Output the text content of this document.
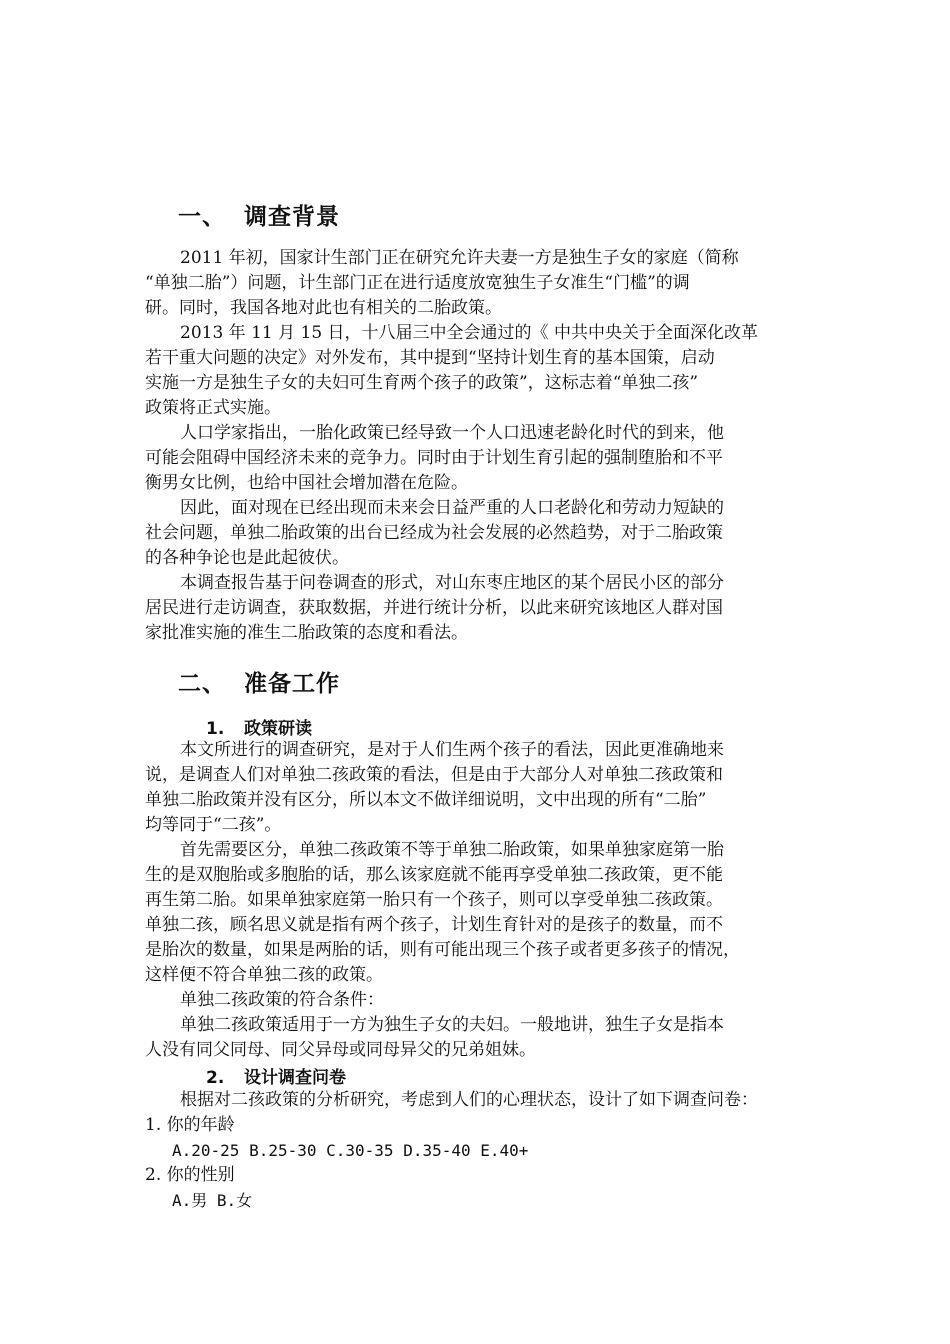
一、 调查背景
2011 年初，国家计生部门正在研究允许夫妻一方是独生子女的家庭（简称
“单独二胎”）问题，计生部门正在进行适度放宽独生子女准生“门槛”的调
研。同时，我国各地对此也有相关的二胎政策。
2013 年 11 月 15 日，十八届三中全会通过的《 中共中央关于全面深化改革
若干重大问题的决定》对外发布，其中提到“坚持计划生育的基本国策，启动
实施一方是独生子女的夫妇可生育两个孩子的政策”，这标志着“单独二孩”
政策将正式实施。
人口学家指出，一胎化政策已经导致一个人口迅速老龄化时代的到来，他
可能会阻碍中国经济未来的竞争力。同时由于计划生育引起的强制堕胎和不平
衡男女比例，也给中国社会增加潜在危险。
因此，面对现在已经出现而未来会日益严重的人口老龄化和劳动力短缺的
社会问题，单独二胎政策的出台已经成为社会发展的必然趋势，对于二胎政策
的各种争论也是此起彼伏。
本调查报告基于问卷调查的形式，对山东枣庄地区的某个居民小区的部分
居民进行走访调查，获取数据，并进行统计分析，以此来研究该地区人群对国
家批准实施的准生二胎政策的态度和看法。
二、 准备工作
1. 政策研读
本文所进行的调查研究，是对于人们生两个孩子的看法，因此更准确地来
说，是调查人们对单独二孩政策的看法，但是由于大部分人对单独二孩政策和
单独二胎政策并没有区分，所以本文不做详细说明，文中出现的所有“二胎”
均等同于“二孩”。
首先需要区分，单独二孩政策不等于单独二胎政策，如果单独家庭第一胎
生的是双胞胎或多胞胎的话，那么该家庭就不能再享受单独二孩政策，更不能
再生第二胎。如果单独家庭第一胎只有一个孩子，则可以享受单独二孩政策。
单独二孩，顾名思义就是指有两个孩子，计划生育针对的是孩子的数量，而不
是胎次的数量，如果是两胎的话，则有可能出现三个孩子或者更多孩子的情况，
这样便不符合单独二孩的政策。
单独二孩政策的符合条件：
单独二孩政策适用于一方为独生子女的夫妇。一般地讲，独生子女是指本
人没有同父同母、同父异母或同母异父的兄弟姐妹。
2. 设计调查问卷
根据对二孩政策的分析研究，考虑到人们的心理状态，设计了如下调查问卷：
1. 你的年龄
A.20-25 B.25-30 C.30-35 D.35-40 E.40+
2. 你的性别
A.男 B.女
